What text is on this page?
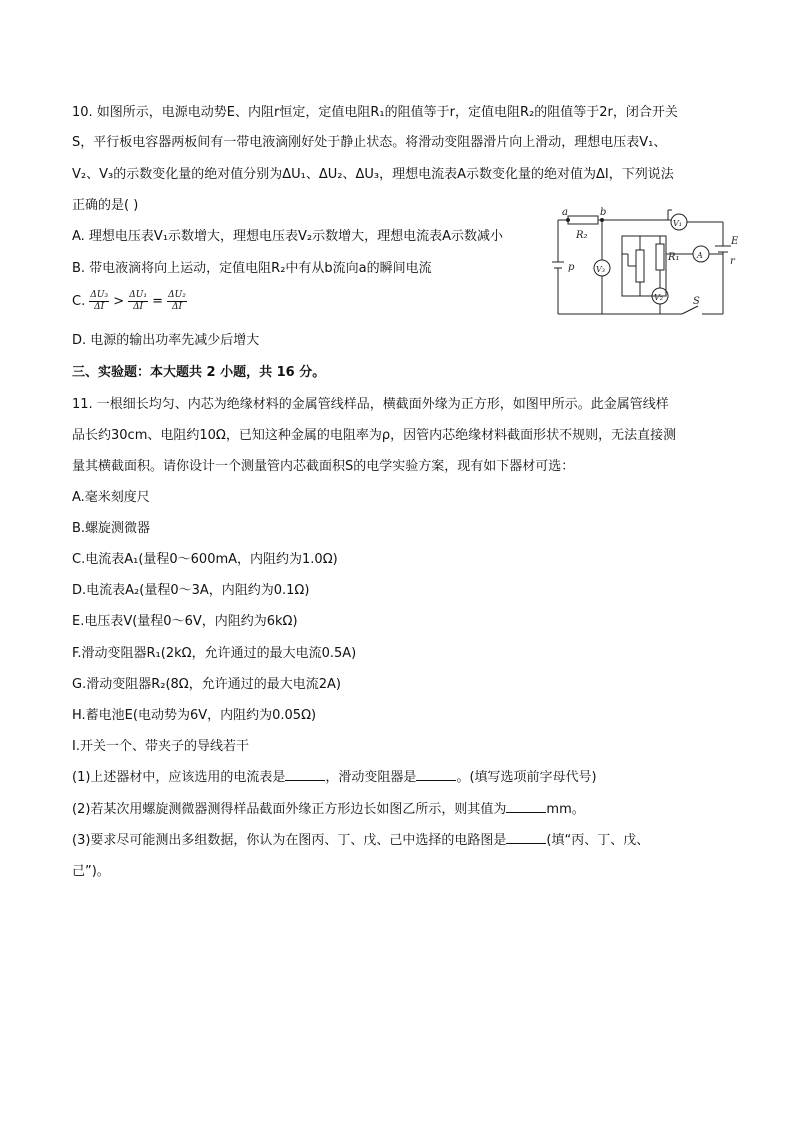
10. 如图所示，电源电动势E、内阻r恒定，定值电阻R₁的阻值等于r，定值电阻R₂的阻值等于2r，闭合开关
S，平行板电容器两板间有一带电液滴刚好处于静止状态。将滑动变阻器滑片向上滑动，理想电压表V₁、
V₂、V₃的示数变化量的绝对值分别为ΔU₁、ΔU₂、ΔU₃，理想电流表A示数变化量的绝对值为ΔI，下列说法
正确的是( )
A. 理想电压表V₁示数增大，理想电压表V₂示数增大，理想电流表A示数减小
B. 带电液滴将向上运动，定值电阻R₂中有从b流向a的瞬间电流
C. $\frac{\text{ΔU₃}}{\Delta I} > \frac{\text{ΔU₁}}{\Delta I} = \frac{\text{ΔU₂}}{\Delta I}$
D. 电源的输出功率先减少后增大
a	b
R₂
p	V₃
V₁
R₁ A
E
r
V₂	S
三、实验题：本大题共 2 小题，共 16 分。
11. 一根细长均匀、内芯为绝缘材料的金属管线样品，横截面外缘为正方形，如图甲所示。此金属管线样
品长约30cm、电阻约10Ω，已知这种金属的电阻率为ρ，因管内芯绝缘材料截面形状不规则，无法直接测
量其横截面积。请你设计一个测量管内芯截面积S的电学实验方案，现有如下器材可选：
A.毫米刻度尺
B.螺旋测微器
C.电流表A₁(量程0～600mA，内阻约为1.0Ω)
D.电流表A₂(量程0～3A，内阻约为0.1Ω)
E.电压表V(量程0～6V，内阻约为6kΩ)
F.滑动变阻器R₁(2kΩ，允许通过的最大电流0.5A)
G.滑动变阻器R₂(8Ω，允许通过的最大电流2A)
H.蓄电池E(电动势为6V，内阻约为0.05Ω)
I.开关一个、带夹子的导线若干
(1)上述器材中，应该选用的电流表是	，滑动变阻器是	。(填写选项前字母代号)
(2)若某次用螺旋测微器测得样品截面外缘正方形边长如图乙所示，则其值为	mm。
(3)要求尽可能测出多组数据，你认为在图丙、丁、戊、己中选择的电路图是	(填“丙、丁、戊、
己”)。
